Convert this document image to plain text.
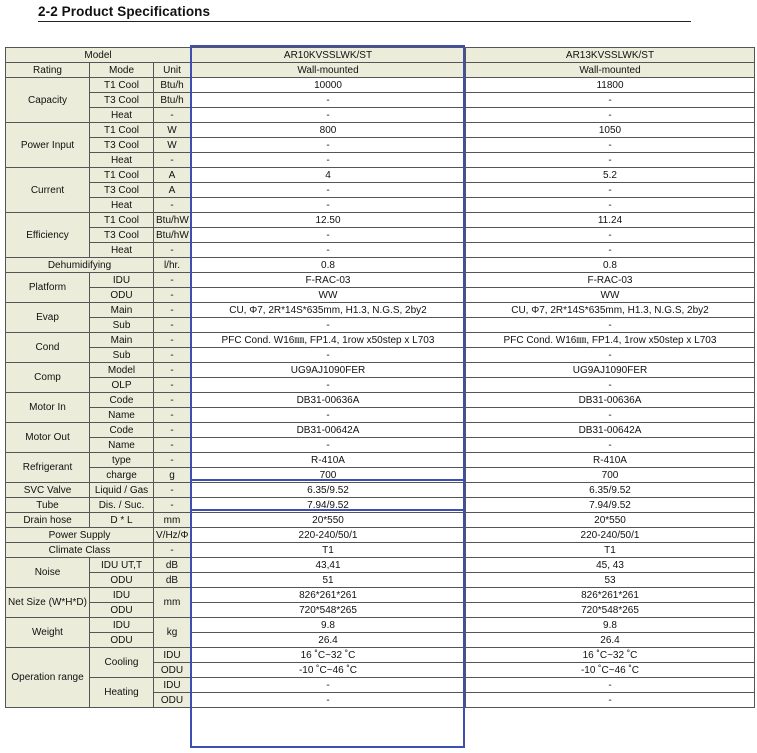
2-2 Product Specifications
Model			AR10KVSSLWK/ST	AR13KVSSLWK/ST
Rating	Mode	Unit	Wall-mounted	Wall-mounted
Capacity	T1 Cool	Btu/h	10000	11800
	T3 Cool	Btu/h	-	-
	Heat	-	-	-
Power Input	T1 Cool	W	800	1050
	T3 Cool	W	-	-
	Heat	-	-	-
Current	T1 Cool	A	4	5.2
	T3 Cool	A	-	-
	Heat	-	-	-
Efficiency	T1 Cool	Btu/hW	12.50	11.24
	T3 Cool	Btu/hW	-	-
	Heat	-	-	-
Dehumidifying		l/hr.	0.8	0.8
Platform	IDU	-	F-RAC-03	F-RAC-03
	ODU	-	WW	WW
Evap	Main	-	CU, Φ7, 2R*14S*635mm, H1.3, N.G.S, 2by2	CU, Φ7, 2R*14S*635mm, H1.3, N.G.S, 2by2
	Sub	-	-	-
Cond	Main	-	PFC Cond. W16㎜, FP1.4, 1row x50step x L703	PFC Cond. W16㎜, FP1.4, 1row x50step x L703
	Sub	-	-	-
Comp	Model	-	UG9AJ1090FER	UG9AJ1090FER
	OLP	-	-	-
Motor In	Code	-	DB31-00636A	DB31-00636A
	Name	-	-	-
Motor Out	Code	-	DB31-00642A	DB31-00642A
	Name	-	-	-
Refrigerant	type	-	R-410A	R-410A
	charge	g	700	700
SVC Valve	Liquid / Gas	-	6.35/9.52	6.35/9.52
Tube	Dis. / Suc.	-	7.94/9.52	7.94/9.52
Drain hose	D * L	mm	20*550	20*550
Power Supply		V/Hz/Φ	220-240/50/1	220-240/50/1
Climate Class		-	T1	T1
Noise	IDU UT,T	dB	43,41	45, 43
	ODU	dB	51	53
Net Size (W*H*D)	IDU	mm	826*261*261	826*261*261
	ODU		720*548*265	720*548*265
Weight	IDU	kg	9.8	9.8
	ODU		26.4	26.4
Operation range	Cooling	IDU	16 ˚C~32 ˚C	16 ˚C~32 ˚C
		ODU	-10 ˚C~46 ˚C	-10 ˚C~46 ˚C
	Heating	IDU	-	-
		ODU	-	-
